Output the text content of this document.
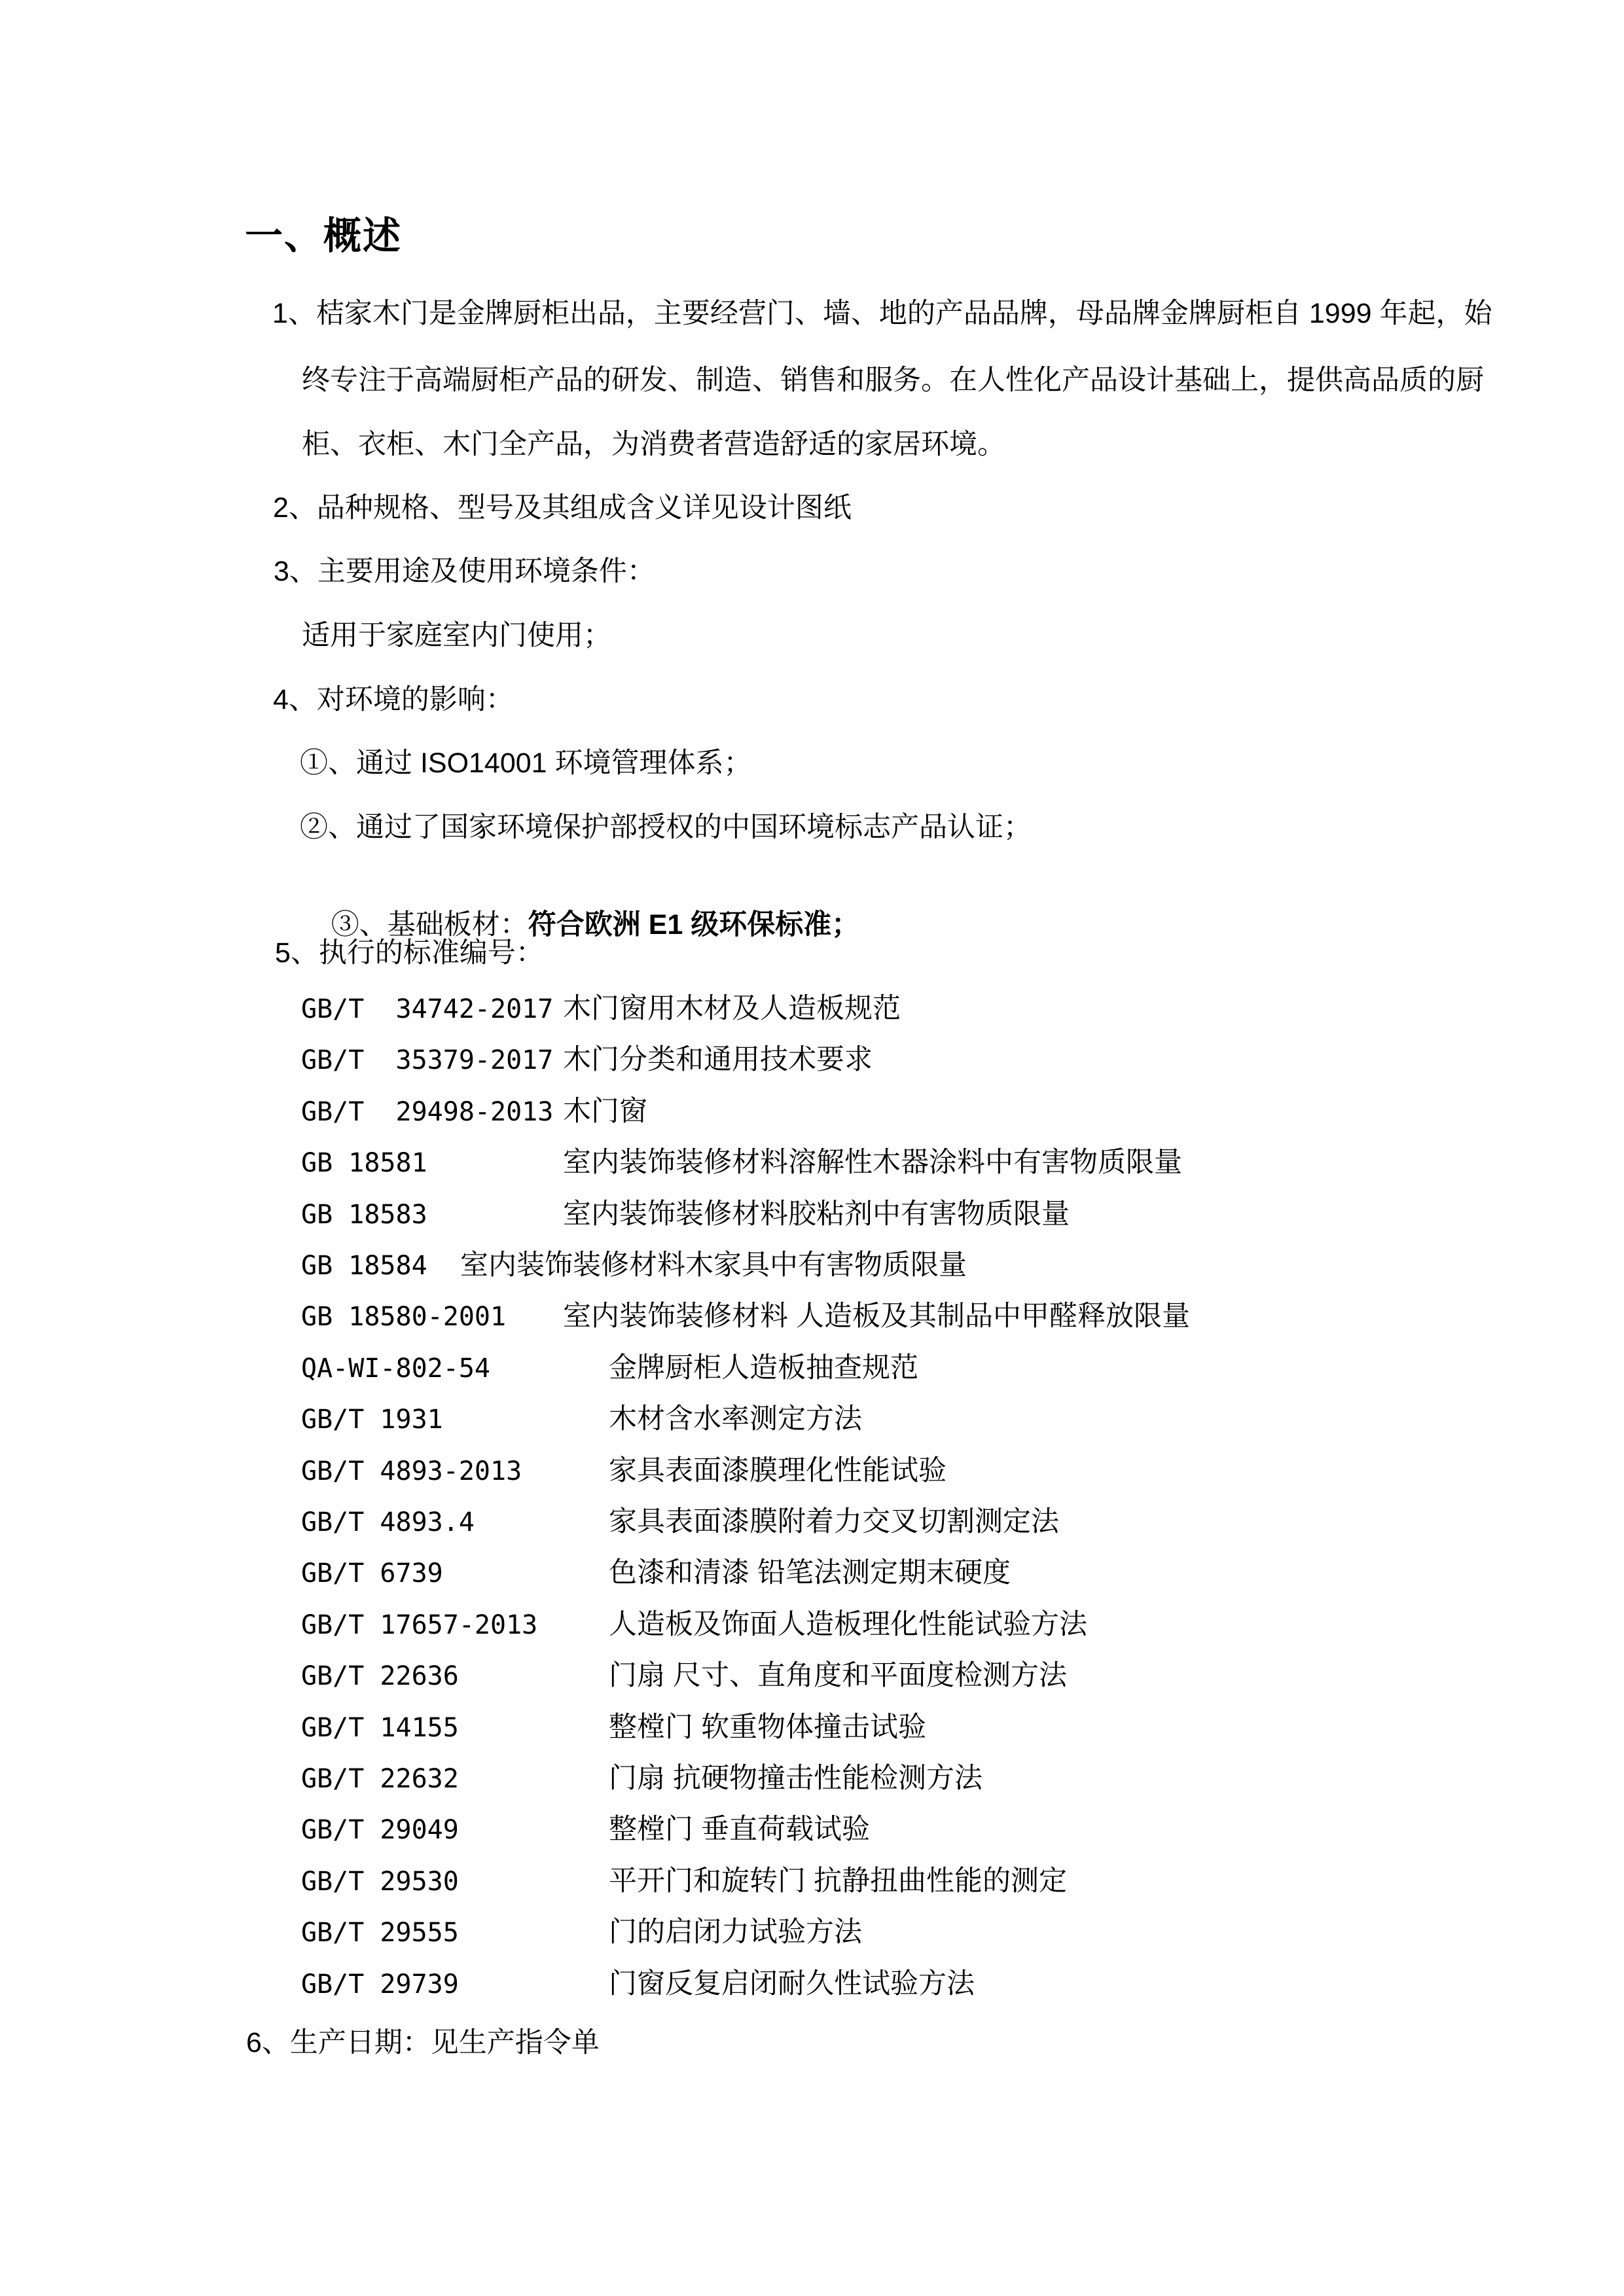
一、概述
1、桔家木门是金牌厨柜出品，主要经营门、墙、地的产品品牌，母品牌金牌厨柜自 1999 年起，始
终专注于高端厨柜产品的研发、制造、销售和服务。在人性化产品设计基础上，提供高品质的厨
柜、衣柜、木门全产品，为消费者营造舒适的家居环境。
2、品种规格、型号及其组成含义详见设计图纸
3、主要用途及使用环境条件：
适用于家庭室内门使用；
4、对环境的影响：
①、通过 ISO14001 环境管理体系；
②、通过了国家环境保护部授权的中国环境标志产品认证；

③、基础板材：符合欧洲 E1 级环保标准；

5、执行的标准编号：
GB/T  34742-2017 木门窗用木材及人造板规范
GB/T  35379-2017 木门分类和通用技术要求
GB/T  29498-2013 木门窗
GB 18581	室内装饰装修材料溶解性木器涂料中有害物质限量
GB 18583	室内装饰装修材料胶粘剂中有害物质限量
GB 18584 室内装饰装修材料木家具中有害物质限量
GB 18580-2001 室内装饰装修材料 人造板及其制品中甲醛释放限量
QA-WI-802-54	金牌厨柜人造板抽查规范
GB/T 1931	木材含水率测定方法
GB/T 4893-2013	家具表面漆膜理化性能试验
GB/T 4893.4	家具表面漆膜附着力交叉切割测定法
GB/T 6739	色漆和清漆 铅笔法测定期末硬度
GB/T 17657-2013	人造板及饰面人造板理化性能试验方法
GB/T 22636	门扇 尺寸、直角度和平面度检测方法
GB/T 14155	整樘门 软重物体撞击试验
GB/T 22632	门扇 抗硬物撞击性能检测方法
GB/T 29049	整樘门 垂直荷载试验
GB/T 29530	平开门和旋转门 抗静扭曲性能的测定
GB/T 29555	门的启闭力试验方法
GB/T 29739	门窗反复启闭耐久性试验方法
6、生产日期：见生产指令单
